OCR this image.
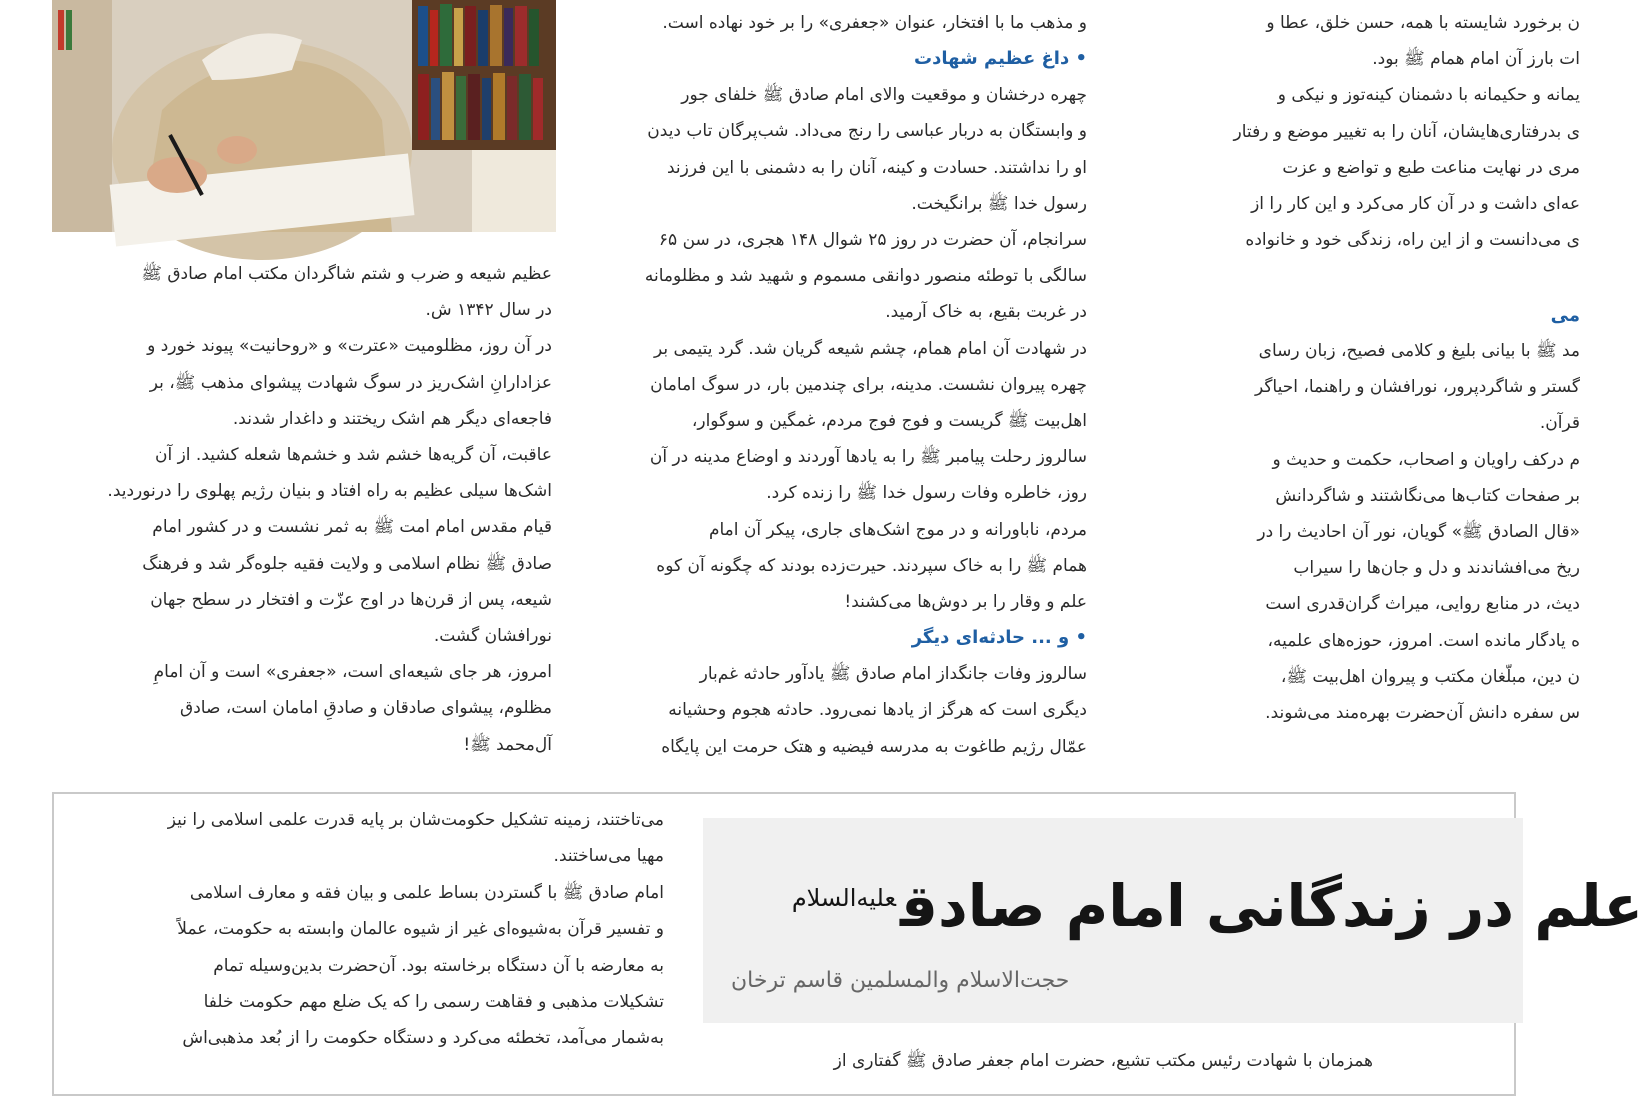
ن برخورد شایسته با همه، حسن خلق، عطا و

ات بارز آن امام همام ﷺ بود.

یمانه و حکیمانه با دشمنان کینه‌توز و نیکی و

ی بدرفتاری‌هایشان، آنان را به تغییر موضع و رفتار

مری در نهایت مناعت طبع و تواضع و عزت

عه‌ای داشت و در آن کار می‌کرد و این کار را از

ی می‌دانست و از این راه، زندگی خود و خانواده

می

مد ﷺ با بیانی بلیغ و کلامی فصیح، زبان رسای

گستر و شاگردپرور، نورافشان و راهنما، احیاگر

قرآن.

م درکف راویان و اصحاب، حکمت و حدیث و

بر صفحات کتاب‌ها می‌نگاشتند و شاگردانش

«قال الصادق ﷺ» گویان، نور آن احادیث را در

ریخ می‌افشاندند و دل و جان‌ها را سیراب

دیث، در منابع روایی، میراث گران‌قدری است

ه یادگار مانده است. امروز، حوزه‌های علمیه،

ن دین، مبلّغان مکتب و پیروان اهل‌بیت ﷺ،

س سفره دانش آن‌حضرت بهره‌مند می‌شوند.

و مذهب ما با افتخار، عنوان «جعفری» را بر خود نهاده است.

• داغ عظیم شهادت

چهره درخشان و موقعیت والای امام صادق ﷺ خلفای جور

و وابستگان به دربار عباسی را رنج می‌داد. شب‌پرگان تاب دیدن

او را نداشتند. حسادت و کینه، آنان را به دشمنی با این فرزند

رسول خدا ﷺ برانگیخت.

سرانجام، آن حضرت در روز ۲۵ شوال ۱۴۸ هجری، در سن ۶۵

سالگی با توطئه منصور دوانقی مسموم و شهید شد و مظلومانه

در غربت بقیع، به خاک آرمید.

در شهادت آن امام همام، چشم شیعه گریان شد. گرد یتیمی بر

چهره پیروان نشست. مدینه، برای چندمین بار، در سوگ امامان

اهل‌بیت ﷺ گریست و فوج فوج مردم، غمگین و سوگوار،

سالروز رحلت پیامبر ﷺ را به یادها آوردند و اوضاع مدینه در آن

روز، خاطره وفات رسول خدا ﷺ را زنده کرد.

مردم، ناباورانه و در موج اشک‌های جاری، پیکر آن امام

همام ﷺ را به خاک سپردند. حیرت‌زده بودند که چگونه آن کوه

علم و وقار را بر دوش‌ها می‌کشند!

• و ... حادثه‌ای دیگر

سالروز وفات جانگداز امام صادق ﷺ یادآور حادثه غم‌بار

دیگری است که هرگز از یادها نمی‌رود. حادثه هجوم وحشیانه

عمّال رژیم طاغوت به مدرسه فیضیه و هتک حرمت این پایگاه

عظیم شیعه و ضرب و شتم شاگردان مکتب امام صادق ﷺ

در سال ۱۳۴۲ ش.

در آن روز، مظلومیت «عترت» و «روحانیت» پیوند خورد و

عزادارانِ اشک‌ریز در سوگ شهادت پیشوای مذهب ﷺ، بر

فاجعه‌ای دیگر هم اشک ریختند و داغدار شدند.

عاقبت، آن گریه‌ها خشم شد و خشم‌ها شعله کشید. از آن

اشک‌ها سیلی عظیم به راه افتاد و بنیان رژیم پهلوی را درنوردید.

قیام مقدس امام امت ﷺ به ثمر نشست و در کشور امام

صادق ﷺ نظام اسلامی و ولایت فقیه جلوه‌گر شد و فرهنگ

شیعه، پس از قرن‌ها در اوج عزّت و افتخار در سطح جهان

نورافشان گشت.

امروز، هر جای شیعه‌ای است، «جعفری» است و آن امامِ

مظلوم، پیشوای صادقان و صادقِ امامان است، صادق

آل‌محمد ﷺ!

می‌تاختند، زمینه تشکیل حکومت‌شان بر پایه قدرت علمی اسلامی را نیز

مهیا می‌ساختند.

امام صادق ﷺ با گستردن بساط علمی و بیان فقه و معارف اسلامی

و تفسیر قرآن به‌شیوه‌ای غیر از شیوه عالمان وابسته به حکومت، عملاً

به معارضه با آن دستگاه برخاسته بود. آن‌حضرت بدین‌وسیله تمام

تشکیلات مذهبی و فقاهت رسمی را که یک ضلع مهم حکومت خلفا

به‌شمار می‌آمد، تخطئه می‌کرد و دستگاه حکومت را از بُعد مذهبی‌اش

علم در زندگانی امام صادق$^{علیه‌السلام}$
حجت‌الاسلام والمسلمین قاسم ترخان
همزمان با شهادت رئیس مکتب تشیع، حضرت امام جعفر صادق ﷺ گفتاری از
